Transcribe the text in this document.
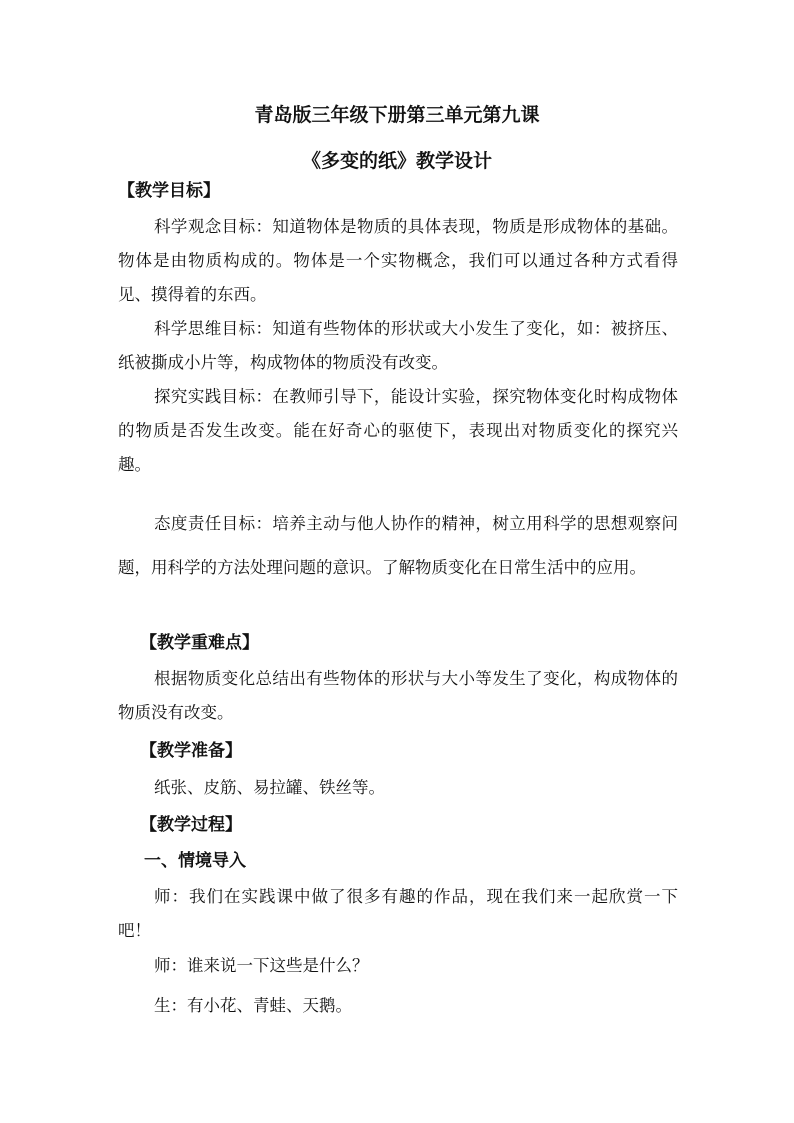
青岛版三年级下册第三单元第九课
《多变的纸》教学设计
【教学目标】
科学观念目标：知道物体是物质的具体表现，物质是形成物体的基础。物体是由物质构成的。物体是一个实物概念，我们可以通过各种方式看得见、摸得着的东西。
科学思维目标：知道有些物体的形状或大小发生了变化，如：被挤压、纸被撕成小片等，构成物体的物质没有改变。
探究实践目标：在教师引导下，能设计实验，探究物体变化时构成物体的物质是否发生改变。能在好奇心的驱使下，表现出对物质变化的探究兴趣。
态度责任目标：培养主动与他人协作的精神，树立用科学的思想观察问题，用科学的方法处理问题的意识。了解物质变化在日常生活中的应用。
【教学重难点】
根据物质变化总结出有些物体的形状与大小等发生了变化，构成物体的物质没有改变。
【教学准备】
纸张、皮筋、易拉罐、铁丝等。
【教学过程】
一、情境导入
师：我们在实践课中做了很多有趣的作品，现在我们来一起欣赏一下吧！
师：谁来说一下这些是什么？
生：有小花、青蛙、天鹅。
